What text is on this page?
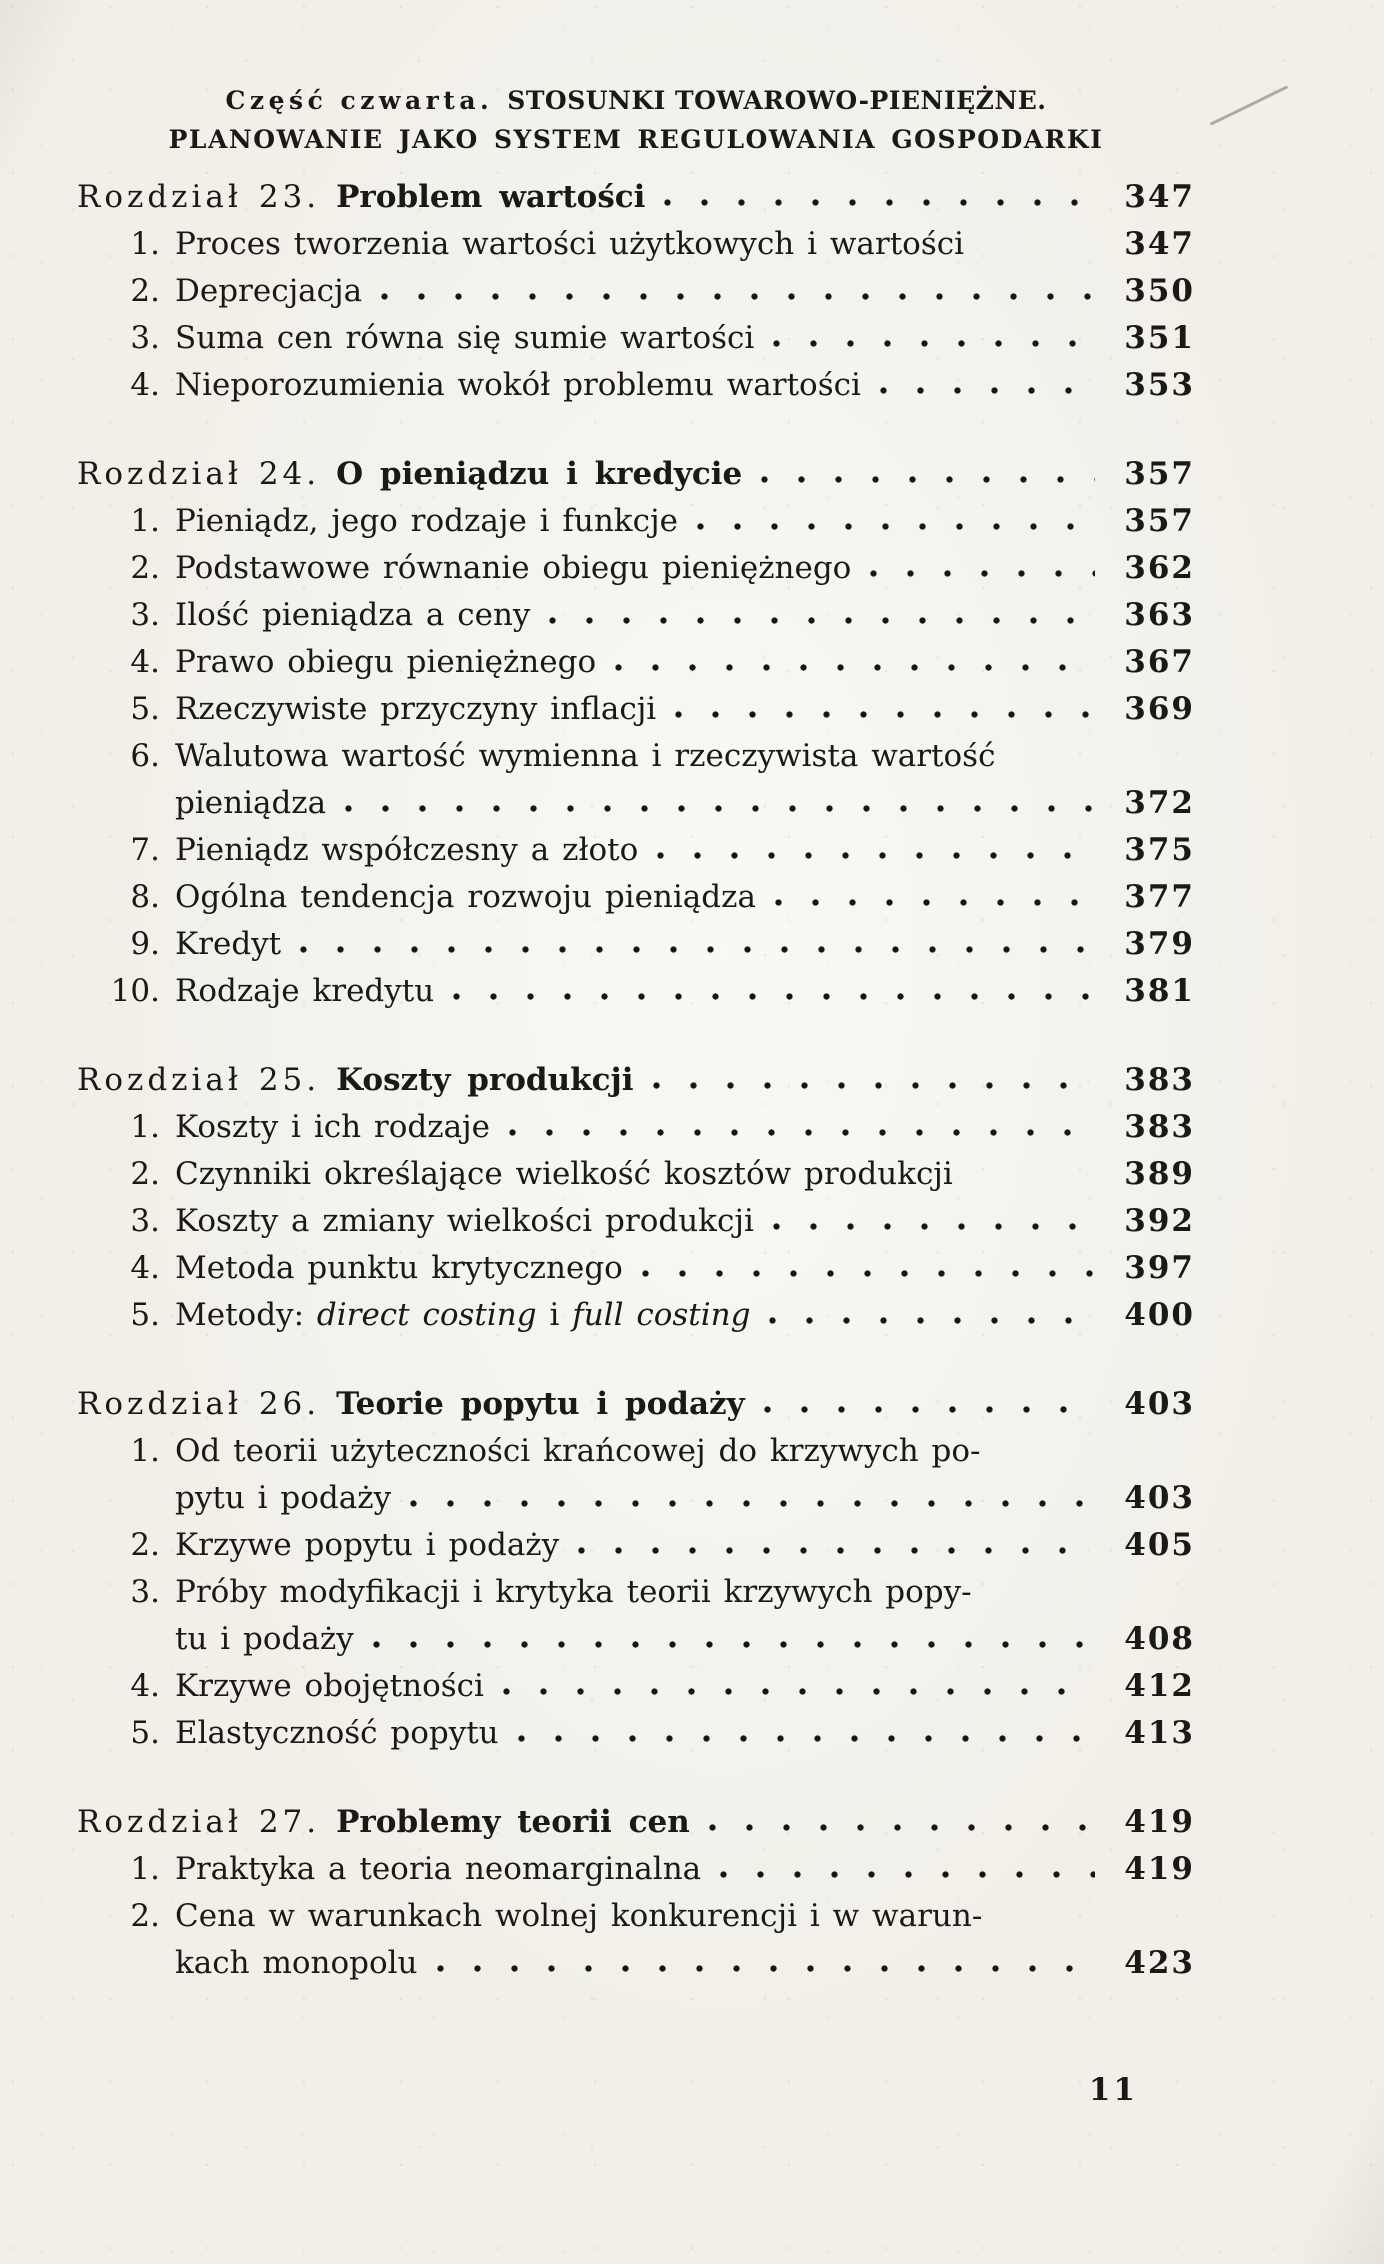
Część czwarta. STOSUNKI TOWAROWO-PIENIĘŻNE.
PLANOWANIE JAKO SYSTEM REGULOWANIA GOSPODARKI
Rozdział 23. Problem wartości	347
1. Proces tworzenia wartości użytkowych i wartości	347
2. Deprecjacja	350
3. Suma cen równa się sumie wartości	351
4. Nieporozumienia wokół problemu wartości	353
Rozdział 24. O pieniądzu i kredycie	357
1. Pieniądz, jego rodzaje i funkcje	357
2. Podstawowe równanie obiegu pieniężnego	362
3. Ilość pieniądza a ceny	363
4. Prawo obiegu pieniężnego	367
5. Rzeczywiste przyczyny inflacji	369
6. Walutowa wartość wymienna i rzeczywista wartość
pieniądza	372
7. Pieniądz współczesny a złoto	375
8. Ogólna tendencja rozwoju pieniądza	377
9. Kredyt	379
10. Rodzaje kredytu	381
Rozdział 25. Koszty produkcji	383
1. Koszty i ich rodzaje	383
2. Czynniki określające wielkość kosztów produkcji	389
3. Koszty a zmiany wielkości produkcji	392
4. Metoda punktu krytycznego	397
5. Metody: direct costing i full costing	400
Rozdział 26. Teorie popytu i podaży	403
1. Od teorii użyteczności krańcowej do krzywych po-
pytu i podaży	403
2. Krzywe popytu i podaży	405
3. Próby modyfikacji i krytyka teorii krzywych popy-
tu i podaży	408
4. Krzywe obojętności	412
5. Elastyczność popytu	413
Rozdział 27. Problemy teorii cen	419
1. Praktyka a teoria neomarginalna	419
2. Cena w warunkach wolnej konkurencji i w warun-
kach monopolu	423
11
